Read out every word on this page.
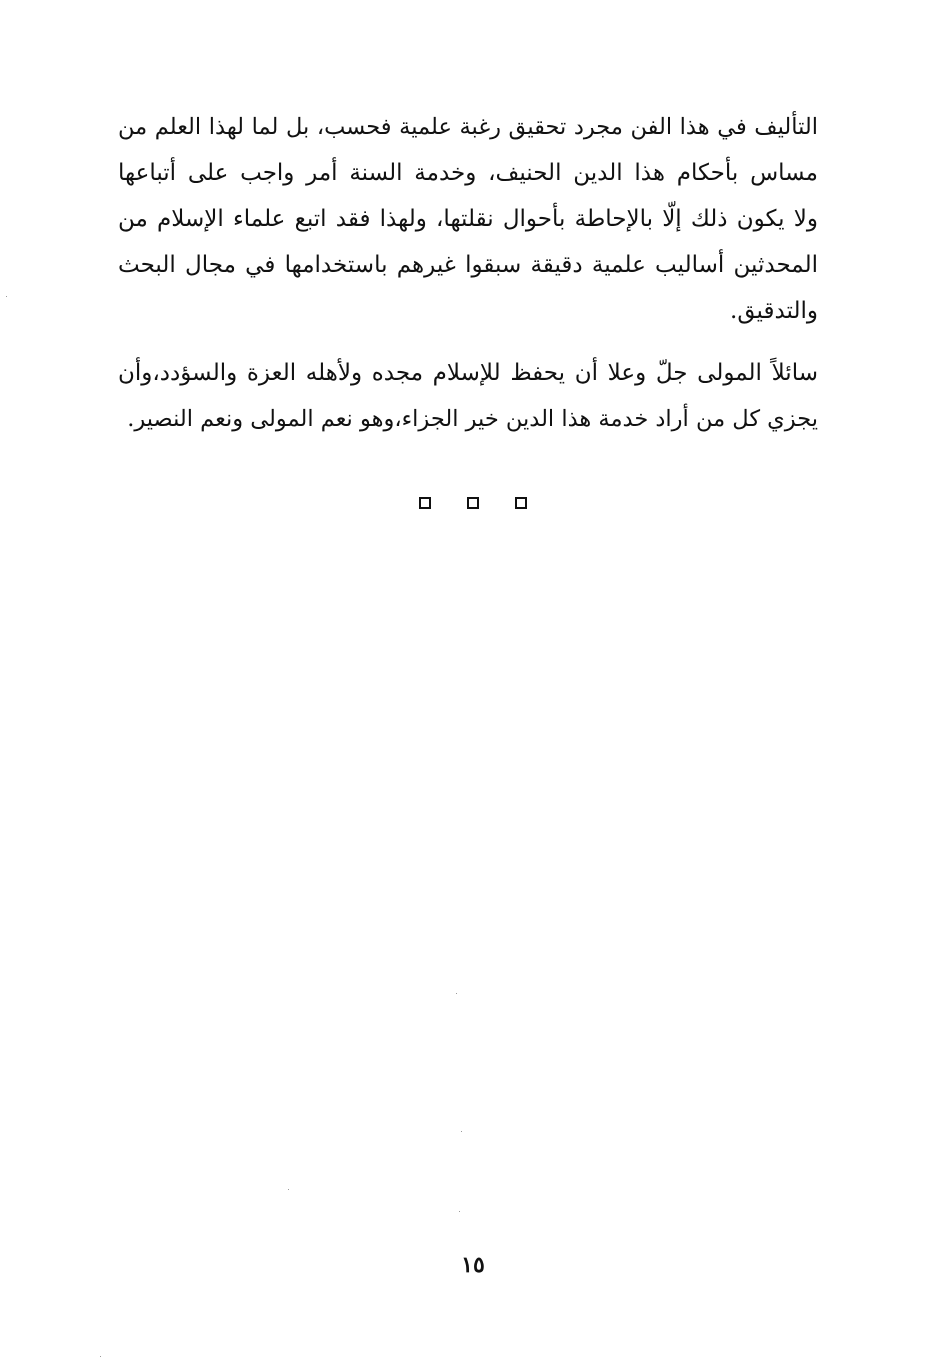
التأليف في هذا الفن مجرد تحقيق رغبة علمية فحسب، بل لما لهذا العلم من
مساس بأحكام هذا الدين الحنيف، وخدمة السنة أمر واجب على أتباعها
ولا يكون ذلك إلّا بالإحاطة بأحوال نقلتها، ولهذا فقد اتبع علماء الإسلام من
المحدثين أساليب علمية دقيقة سبقوا غيرهم باستخدامها في مجال البحث
والتدقيق.
سائلاً المولى جلّ وعلا أن يحفظ للإسلام مجده ولأهله العزة والسؤدد،وأن
يجزي كل من أراد خدمة هذا الدين خير الجزاء،وهو نعم المولى ونعم النصير.
١٥
